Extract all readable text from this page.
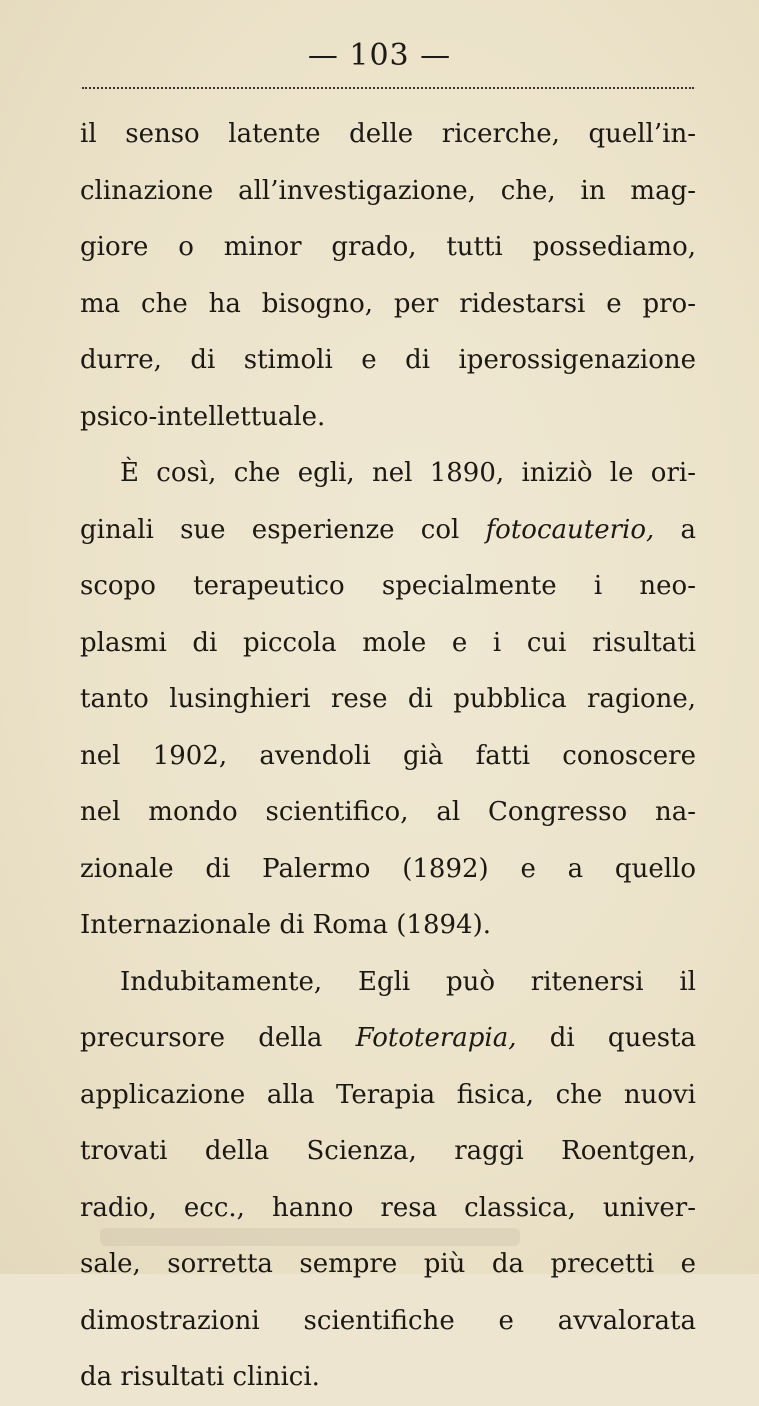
— 103 —
il senso latente delle ricerche, quell’in-
clinazione all’investigazione, che, in mag-
giore o minor grado, tutti possediamo,
ma che ha bisogno, per ridestarsi e pro-
durre, di stimoli e di iperossigenazione
psico-intellettuale.
È così, che egli, nel 1890, iniziò le ori-
ginali sue esperienze col fotocauterio, a
scopo terapeutico specialmente i neo-
plasmi di piccola mole e i cui risultati
tanto lusinghieri rese di pubblica ragione,
nel 1902, avendoli già fatti conoscere
nel mondo scientifico, al Congresso na-
zionale di Palermo (1892) e a quello
Internazionale di Roma (1894).
Indubitamente, Egli può ritenersi il
precursore della Fototerapia, di questa
applicazione alla Terapia fisica, che nuovi
trovati della Scienza, raggi Roentgen,
radio, ecc., hanno resa classica, univer-
sale, sorretta sempre più da precetti e
dimostrazioni scientifiche e avvalorata
da risultati clinici.
